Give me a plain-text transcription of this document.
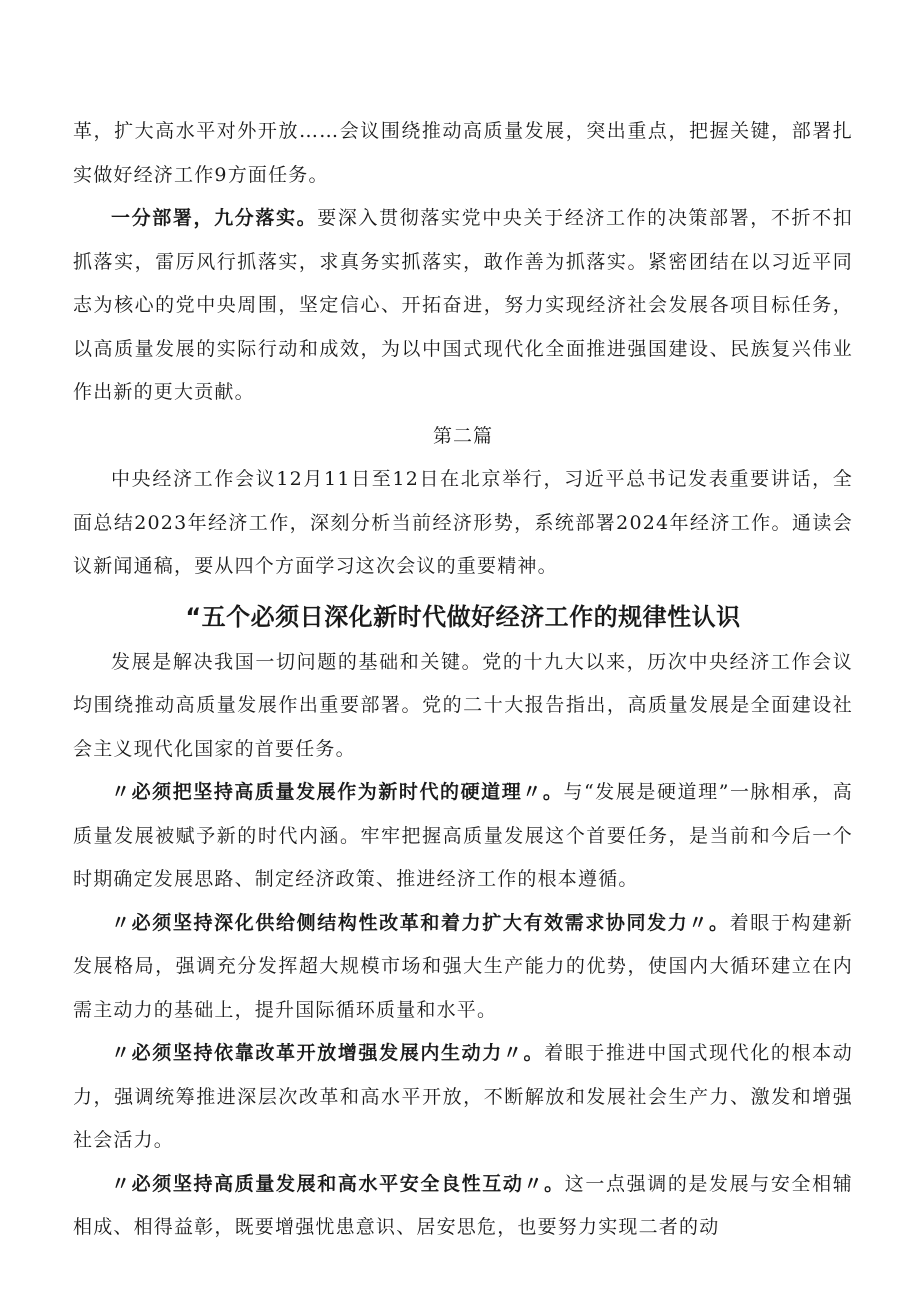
革，扩大高水平对外开放……会议围绕推动高质量发展，突出重点，把握关键，部署扎实做好经济工作9方面任务。

一分部署，九分落实。要深入贯彻落实党中央关于经济工作的决策部署，不折不扣抓落实，雷厉风行抓落实，求真务实抓落实，敢作善为抓落实。紧密团结在以习近平同志为核心的党中央周围，坚定信心、开拓奋进，努力实现经济社会发展各项目标任务，以高质量发展的实际行动和成效，为以中国式现代化全面推进强国建设、民族复兴伟业作出新的更大贡献。

第二篇

中央经济工作会议12月11日至12日在北京举行，习近平总书记发表重要讲话，全面总结2023年经济工作，深刻分析当前经济形势，系统部署2024年经济工作。通读会议新闻通稿，要从四个方面学习这次会议的重要精神。

“五个必须日深化新时代做好经济工作的规律性认识

发展是解决我国一切问题的基础和关键。党的十九大以来，历次中央经济工作会议均围绕推动高质量发展作出重要部署。党的二十大报告指出，高质量发展是全面建设社会主义现代化国家的首要任务。

〃必须把坚持高质量发展作为新时代的硬道理〃。与“发展是硬道理”一脉相承，高质量发展被赋予新的时代内涵。牢牢把握高质量发展这个首要任务，是当前和今后一个时期确定发展思路、制定经济政策、推进经济工作的根本遵循。

〃必须坚持深化供给侧结构性改革和着力扩大有效需求协同发力〃。着眼于构建新发展格局，强调充分发挥超大规模市场和强大生产能力的优势，使国内大循环建立在内需主动力的基础上，提升国际循环质量和水平。

〃必须坚持依靠改革开放增强发展内生动力〃。着眼于推进中国式现代化的根本动力，强调统筹推进深层次改革和高水平开放，不断解放和发展社会生产力、激发和增强社会活力。

〃必须坚持高质量发展和高水平安全良性互动〃。这一点强调的是发展与安全相辅相成、相得益彰，既要增强忧患意识、居安思危，也要努力实现二者的动
